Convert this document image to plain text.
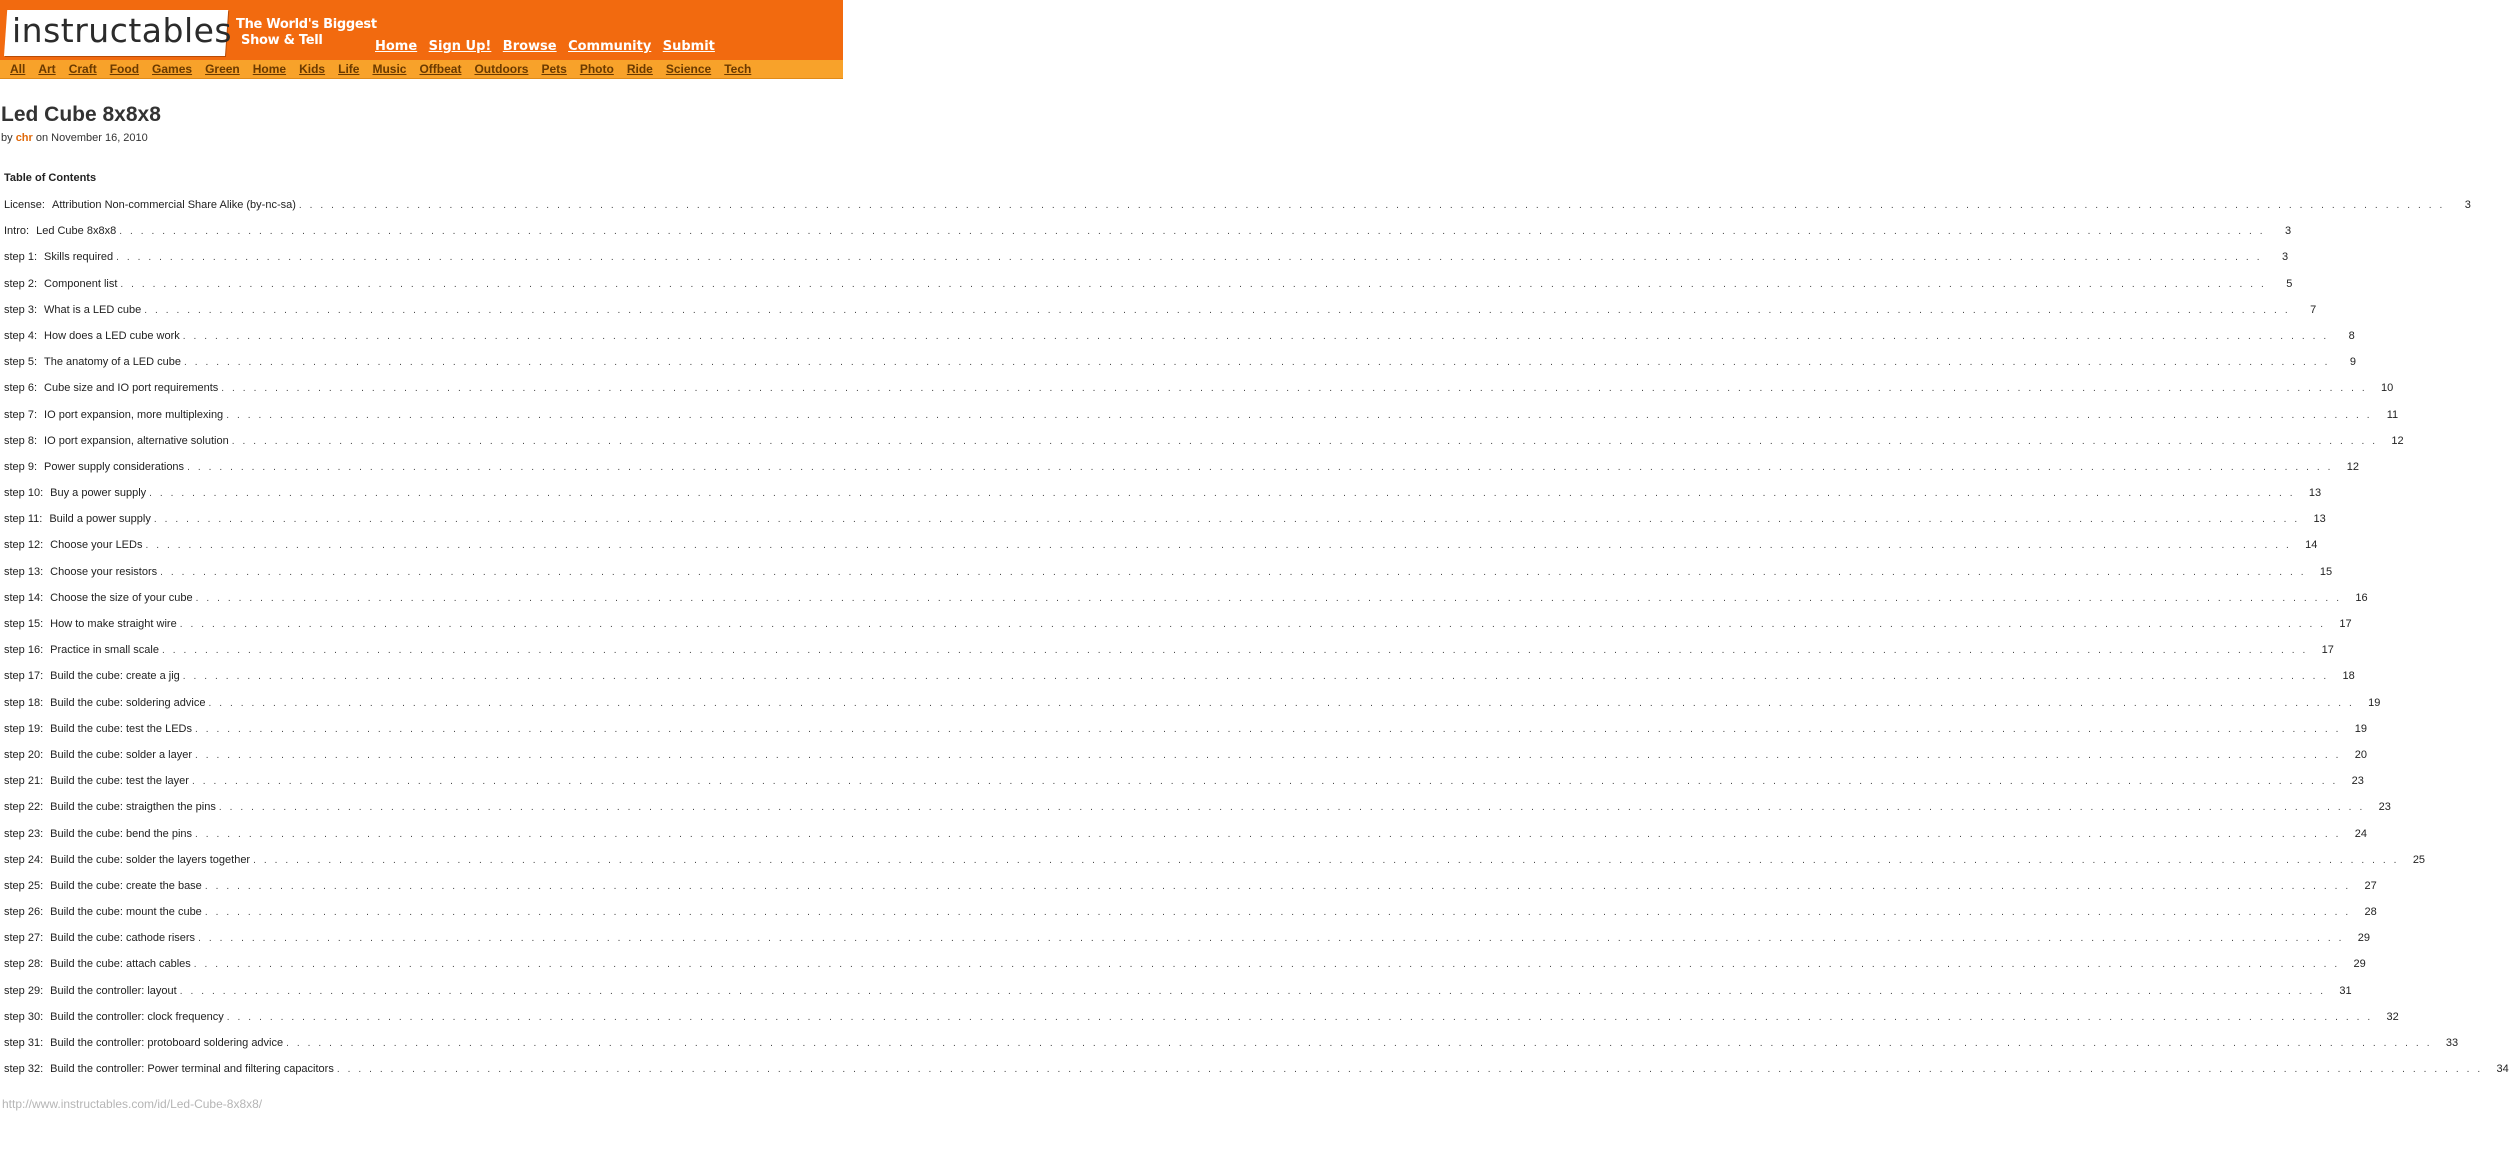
instructables The World's Biggest
Show & Tell	Home Sign Up! Browse Community Submit
All Art Craft Food Games Green Home Kids Life Music Offbeat Outdoors Pets Photo Ride Science Tech
Led Cube 8x8x8
by chr on November 16, 2010
Table of Contents
License: Attribution Non-commercial Share Alike (by-nc-sa) . . . . . . . . . . . . . . . . . . . . . . . . . . . . . . . . . . . . . . . . . . . . . . . . . . . . . . . . . . . . . . . . . . . . . . . . . . . . . . . . . . . . . . . . . . . . . . . . . . . . . . . . . . . . . . . . . . . . . . . . . . . . . . . . . . . . . . . . . . . . . . . . . . . . . . . . . . . . . . . . . . . . . . . . . . . . . . . . . . . . . . . . . . . . . . . . . . . . . . . .	3
Intro: Led Cube 8x8x8 . . . . . . . . . . . . . . . . . . . . . . . . . . . . . . . . . . . . . . . . . . . . . . . . . . . . . . . . . . . . . . . . . . . . . . . . . . . . . . . . . . . . . . . . . . . . . . . . . . . . . . . . . . . . . . . . . . . . . . . . . . . . . . . . . . . . . . . . . . . . . . . . . . . . . . . . . . . . . . . . . . . . . . . . . . . . . . . . . . . . . . . . . . . . . . . . . . . . . . . .	3
step 1: Skills required . . . . . . . . . . . . . . . . . . . . . . . . . . . . . . . . . . . . . . . . . . . . . . . . . . . . . . . . . . . . . . . . . . . . . . . . . . . . . . . . . . . . . . . . . . . . . . . . . . . . . . . . . . . . . . . . . . . . . . . . . . . . . . . . . . . . . . . . . . . . . . . . . . . . . . . . . . . . . . . . . . . . . . . . . . . . . . . . . . . . . . . . . . . . . . . . . . . . . . . .	3
step 2: Component list . . . . . . . . . . . . . . . . . . . . . . . . . . . . . . . . . . . . . . . . . . . . . . . . . . . . . . . . . . . . . . . . . . . . . . . . . . . . . . . . . . . . . . . . . . . . . . . . . . . . . . . . . . . . . . . . . . . . . . . . . . . . . . . . . . . . . . . . . . . . . . . . . . . . . . . . . . . . . . . . . . . . . . . . . . . . . . . . . . . . . . . . . . . . . . . . . . . . . . . .	5
step 3: What is a LED cube . . . . . . . . . . . . . . . . . . . . . . . . . . . . . . . . . . . . . . . . . . . . . . . . . . . . . . . . . . . . . . . . . . . . . . . . . . . . . . . . . . . . . . . . . . . . . . . . . . . . . . . . . . . . . . . . . . . . . . . . . . . . . . . . . . . . . . . . . . . . . . . . . . . . . . . . . . . . . . . . . . . . . . . . . . . . . . . . . . . . . . . . . . . . . . . . . . . . . . . .	7
step 4: How does a LED cube work . . . . . . . . . . . . . . . . . . . . . . . . . . . . . . . . . . . . . . . . . . . . . . . . . . . . . . . . . . . . . . . . . . . . . . . . . . . . . . . . . . . . . . . . . . . . . . . . . . . . . . . . . . . . . . . . . . . . . . . . . . . . . . . . . . . . . . . . . . . . . . . . . . . . . . . . . . . . . . . . . . . . . . . . . . . . . . . . . . . . . . . . . . . . . . . . . . . . . . . .	8
step 5: The anatomy of a LED cube . . . . . . . . . . . . . . . . . . . . . . . . . . . . . . . . . . . . . . . . . . . . . . . . . . . . . . . . . . . . . . . . . . . . . . . . . . . . . . . . . . . . . . . . . . . . . . . . . . . . . . . . . . . . . . . . . . . . . . . . . . . . . . . . . . . . . . . . . . . . . . . . . . . . . . . . . . . . . . . . . . . . . . . . . . . . . . . . . . . . . . . . . . . . . . . . . . . . . . . .	9
step 6: Cube size and IO port requirements . . . . . . . . . . . . . . . . . . . . . . . . . . . . . . . . . . . . . . . . . . . . . . . . . . . . . . . . . . . . . . . . . . . . . . . . . . . . . . . . . . . . . . . . . . . . . . . . . . . . . . . . . . . . . . . . . . . . . . . . . . . . . . . . . . . . . . . . . . . . . . . . . . . . . . . . . . . . . . . . . . . . . . . . . . . . . . . . . . . . . . . . . . . . . . . . . . . . . . . .	10
step 7: IO port expansion, more multiplexing . . . . . . . . . . . . . . . . . . . . . . . . . . . . . . . . . . . . . . . . . . . . . . . . . . . . . . . . . . . . . . . . . . . . . . . . . . . . . . . . . . . . . . . . . . . . . . . . . . . . . . . . . . . . . . . . . . . . . . . . . . . . . . . . . . . . . . . . . . . . . . . . . . . . . . . . . . . . . . . . . . . . . . . . . . . . . . . . . . . . . . . . . . . . . . . . . . . . . . . .	11
step 8: IO port expansion, alternative solution . . . . . . . . . . . . . . . . . . . . . . . . . . . . . . . . . . . . . . . . . . . . . . . . . . . . . . . . . . . . . . . . . . . . . . . . . . . . . . . . . . . . . . . . . . . . . . . . . . . . . . . . . . . . . . . . . . . . . . . . . . . . . . . . . . . . . . . . . . . . . . . . . . . . . . . . . . . . . . . . . . . . . . . . . . . . . . . . . . . . . . . . . . . . . . . . . . . . . . . .	12
step 9: Power supply considerations . . . . . . . . . . . . . . . . . . . . . . . . . . . . . . . . . . . . . . . . . . . . . . . . . . . . . . . . . . . . . . . . . . . . . . . . . . . . . . . . . . . . . . . . . . . . . . . . . . . . . . . . . . . . . . . . . . . . . . . . . . . . . . . . . . . . . . . . . . . . . . . . . . . . . . . . . . . . . . . . . . . . . . . . . . . . . . . . . . . . . . . . . . . . . . . . . . . . . . . .	12
step 10: Buy a power supply . . . . . . . . . . . . . . . . . . . . . . . . . . . . . . . . . . . . . . . . . . . . . . . . . . . . . . . . . . . . . . . . . . . . . . . . . . . . . . . . . . . . . . . . . . . . . . . . . . . . . . . . . . . . . . . . . . . . . . . . . . . . . . . . . . . . . . . . . . . . . . . . . . . . . . . . . . . . . . . . . . . . . . . . . . . . . . . . . . . . . . . . . . . . . . . . . . . . . . . .	13
step 11: Build a power supply . . . . . . . . . . . . . . . . . . . . . . . . . . . . . . . . . . . . . . . . . . . . . . . . . . . . . . . . . . . . . . . . . . . . . . . . . . . . . . . . . . . . . . . . . . . . . . . . . . . . . . . . . . . . . . . . . . . . . . . . . . . . . . . . . . . . . . . . . . . . . . . . . . . . . . . . . . . . . . . . . . . . . . . . . . . . . . . . . . . . . . . . . . . . . . . . . . . . . . . .	13
step 12: Choose your LEDs . . . . . . . . . . . . . . . . . . . . . . . . . . . . . . . . . . . . . . . . . . . . . . . . . . . . . . . . . . . . . . . . . . . . . . . . . . . . . . . . . . . . . . . . . . . . . . . . . . . . . . . . . . . . . . . . . . . . . . . . . . . . . . . . . . . . . . . . . . . . . . . . . . . . . . . . . . . . . . . . . . . . . . . . . . . . . . . . . . . . . . . . . . . . . . . . . . . . . . . .	14
step 13: Choose your resistors . . . . . . . . . . . . . . . . . . . . . . . . . . . . . . . . . . . . . . . . . . . . . . . . . . . . . . . . . . . . . . . . . . . . . . . . . . . . . . . . . . . . . . . . . . . . . . . . . . . . . . . . . . . . . . . . . . . . . . . . . . . . . . . . . . . . . . . . . . . . . . . . . . . . . . . . . . . . . . . . . . . . . . . . . . . . . . . . . . . . . . . . . . . . . . . . . . . . . . . .	15
step 14: Choose the size of your cube . . . . . . . . . . . . . . . . . . . . . . . . . . . . . . . . . . . . . . . . . . . . . . . . . . . . . . . . . . . . . . . . . . . . . . . . . . . . . . . . . . . . . . . . . . . . . . . . . . . . . . . . . . . . . . . . . . . . . . . . . . . . . . . . . . . . . . . . . . . . . . . . . . . . . . . . . . . . . . . . . . . . . . . . . . . . . . . . . . . . . . . . . . . . . . . . . . . . . . . .	16
step 15: How to make straight wire . . . . . . . . . . . . . . . . . . . . . . . . . . . . . . . . . . . . . . . . . . . . . . . . . . . . . . . . . . . . . . . . . . . . . . . . . . . . . . . . . . . . . . . . . . . . . . . . . . . . . . . . . . . . . . . . . . . . . . . . . . . . . . . . . . . . . . . . . . . . . . . . . . . . . . . . . . . . . . . . . . . . . . . . . . . . . . . . . . . . . . . . . . . . . . . . . . . . . . . .	17
step 16: Practice in small scale . . . . . . . . . . . . . . . . . . . . . . . . . . . . . . . . . . . . . . . . . . . . . . . . . . . . . . . . . . . . . . . . . . . . . . . . . . . . . . . . . . . . . . . . . . . . . . . . . . . . . . . . . . . . . . . . . . . . . . . . . . . . . . . . . . . . . . . . . . . . . . . . . . . . . . . . . . . . . . . . . . . . . . . . . . . . . . . . . . . . . . . . . . . . . . . . . . . . . . . .	17
step 17: Build the cube: create a jig . . . . . . . . . . . . . . . . . . . . . . . . . . . . . . . . . . . . . . . . . . . . . . . . . . . . . . . . . . . . . . . . . . . . . . . . . . . . . . . . . . . . . . . . . . . . . . . . . . . . . . . . . . . . . . . . . . . . . . . . . . . . . . . . . . . . . . . . . . . . . . . . . . . . . . . . . . . . . . . . . . . . . . . . . . . . . . . . . . . . . . . . . . . . . . . . . . . . . . . .	18
step 18: Build the cube: soldering advice . . . . . . . . . . . . . . . . . . . . . . . . . . . . . . . . . . . . . . . . . . . . . . . . . . . . . . . . . . . . . . . . . . . . . . . . . . . . . . . . . . . . . . . . . . . . . . . . . . . . . . . . . . . . . . . . . . . . . . . . . . . . . . . . . . . . . . . . . . . . . . . . . . . . . . . . . . . . . . . . . . . . . . . . . . . . . . . . . . . . . . . . . . . . . . . . . . . . . . . .	19
step 19: Build the cube: test the LEDs . . . . . . . . . . . . . . . . . . . . . . . . . . . . . . . . . . . . . . . . . . . . . . . . . . . . . . . . . . . . . . . . . . . . . . . . . . . . . . . . . . . . . . . . . . . . . . . . . . . . . . . . . . . . . . . . . . . . . . . . . . . . . . . . . . . . . . . . . . . . . . . . . . . . . . . . . . . . . . . . . . . . . . . . . . . . . . . . . . . . . . . . . . . . . . . . . . . . . . . .	19
step 20: Build the cube: solder a layer . . . . . . . . . . . . . . . . . . . . . . . . . . . . . . . . . . . . . . . . . . . . . . . . . . . . . . . . . . . . . . . . . . . . . . . . . . . . . . . . . . . . . . . . . . . . . . . . . . . . . . . . . . . . . . . . . . . . . . . . . . . . . . . . . . . . . . . . . . . . . . . . . . . . . . . . . . . . . . . . . . . . . . . . . . . . . . . . . . . . . . . . . . . . . . . . . . . . . . . .	20
step 21: Build the cube: test the layer . . . . . . . . . . . . . . . . . . . . . . . . . . . . . . . . . . . . . . . . . . . . . . . . . . . . . . . . . . . . . . . . . . . . . . . . . . . . . . . . . . . . . . . . . . . . . . . . . . . . . . . . . . . . . . . . . . . . . . . . . . . . . . . . . . . . . . . . . . . . . . . . . . . . . . . . . . . . . . . . . . . . . . . . . . . . . . . . . . . . . . . . . . . . . . . . . . . . . . . .	23
step 22: Build the cube: straigthen the pins . . . . . . . . . . . . . . . . . . . . . . . . . . . . . . . . . . . . . . . . . . . . . . . . . . . . . . . . . . . . . . . . . . . . . . . . . . . . . . . . . . . . . . . . . . . . . . . . . . . . . . . . . . . . . . . . . . . . . . . . . . . . . . . . . . . . . . . . . . . . . . . . . . . . . . . . . . . . . . . . . . . . . . . . . . . . . . . . . . . . . . . . . . . . . . . . . . . . . . . .	23
step 23: Build the cube: bend the pins . . . . . . . . . . . . . . . . . . . . . . . . . . . . . . . . . . . . . . . . . . . . . . . . . . . . . . . . . . . . . . . . . . . . . . . . . . . . . . . . . . . . . . . . . . . . . . . . . . . . . . . . . . . . . . . . . . . . . . . . . . . . . . . . . . . . . . . . . . . . . . . . . . . . . . . . . . . . . . . . . . . . . . . . . . . . . . . . . . . . . . . . . . . . . . . . . . . . . . . .	24
step 24: Build the cube: solder the layers together . . . . . . . . . . . . . . . . . . . . . . . . . . . . . . . . . . . . . . . . . . . . . . . . . . . . . . . . . . . . . . . . . . . . . . . . . . . . . . . . . . . . . . . . . . . . . . . . . . . . . . . . . . . . . . . . . . . . . . . . . . . . . . . . . . . . . . . . . . . . . . . . . . . . . . . . . . . . . . . . . . . . . . . . . . . . . . . . . . . . . . . . . . . . . . . . . . . . . . . .	25
step 25: Build the cube: create the base . . . . . . . . . . . . . . . . . . . . . . . . . . . . . . . . . . . . . . . . . . . . . . . . . . . . . . . . . . . . . . . . . . . . . . . . . . . . . . . . . . . . . . . . . . . . . . . . . . . . . . . . . . . . . . . . . . . . . . . . . . . . . . . . . . . . . . . . . . . . . . . . . . . . . . . . . . . . . . . . . . . . . . . . . . . . . . . . . . . . . . . . . . . . . . . . . . . . . . . .	27
step 26: Build the cube: mount the cube . . . . . . . . . . . . . . . . . . . . . . . . . . . . . . . . . . . . . . . . . . . . . . . . . . . . . . . . . . . . . . . . . . . . . . . . . . . . . . . . . . . . . . . . . . . . . . . . . . . . . . . . . . . . . . . . . . . . . . . . . . . . . . . . . . . . . . . . . . . . . . . . . . . . . . . . . . . . . . . . . . . . . . . . . . . . . . . . . . . . . . . . . . . . . . . . . . . . . . . .	28
step 27: Build the cube: cathode risers . . . . . . . . . . . . . . . . . . . . . . . . . . . . . . . . . . . . . . . . . . . . . . . . . . . . . . . . . . . . . . . . . . . . . . . . . . . . . . . . . . . . . . . . . . . . . . . . . . . . . . . . . . . . . . . . . . . . . . . . . . . . . . . . . . . . . . . . . . . . . . . . . . . . . . . . . . . . . . . . . . . . . . . . . . . . . . . . . . . . . . . . . . . . . . . . . . . . . . . .	29
step 28: Build the cube: attach cables . . . . . . . . . . . . . . . . . . . . . . . . . . . . . . . . . . . . . . . . . . . . . . . . . . . . . . . . . . . . . . . . . . . . . . . . . . . . . . . . . . . . . . . . . . . . . . . . . . . . . . . . . . . . . . . . . . . . . . . . . . . . . . . . . . . . . . . . . . . . . . . . . . . . . . . . . . . . . . . . . . . . . . . . . . . . . . . . . . . . . . . . . . . . . . . . . . . . . . . .	29
step 29: Build the controller: layout . . . . . . . . . . . . . . . . . . . . . . . . . . . . . . . . . . . . . . . . . . . . . . . . . . . . . . . . . . . . . . . . . . . . . . . . . . . . . . . . . . . . . . . . . . . . . . . . . . . . . . . . . . . . . . . . . . . . . . . . . . . . . . . . . . . . . . . . . . . . . . . . . . . . . . . . . . . . . . . . . . . . . . . . . . . . . . . . . . . . . . . . . . . . . . . . . . . . . . . .	31
step 30: Build the controller: clock frequency . . . . . . . . . . . . . . . . . . . . . . . . . . . . . . . . . . . . . . . . . . . . . . . . . . . . . . . . . . . . . . . . . . . . . . . . . . . . . . . . . . . . . . . . . . . . . . . . . . . . . . . . . . . . . . . . . . . . . . . . . . . . . . . . . . . . . . . . . . . . . . . . . . . . . . . . . . . . . . . . . . . . . . . . . . . . . . . . . . . . . . . . . . . . . . . . . . . . . . . .	32
step 31: Build the controller: protoboard soldering advice . . . . . . . . . . . . . . . . . . . . . . . . . . . . . . . . . . . . . . . . . . . . . . . . . . . . . . . . . . . . . . . . . . . . . . . . . . . . . . . . . . . . . . . . . . . . . . . . . . . . . . . . . . . . . . . . . . . . . . . . . . . . . . . . . . . . . . . . . . . . . . . . . . . . . . . . . . . . . . . . . . . . . . . . . . . . . . . . . . . . . . . . . . . . . . . . . . . . . . . .	33
step 32: Build the controller: Power terminal and filtering capacitors . . . . . . . . . . . . . . . . . . . . . . . . . . . . . . . . . . . . . . . . . . . . . . . . . . . . . . . . . . . . . . . . . . . . . . . . . . . . . . . . . . . . . . . . . . . . . . . . . . . . . . . . . . . . . . . . . . . . . . . . . . . . . . . . . . . . . . . . . . . . . . . . . . . . . . . . . . . . . . . . . . . . . . . . . . . . . . . . . . . . . . . . . . . . . . . . . . . . . . . .	34
http://www.instructables.com/id/Led-Cube-8x8x8/
